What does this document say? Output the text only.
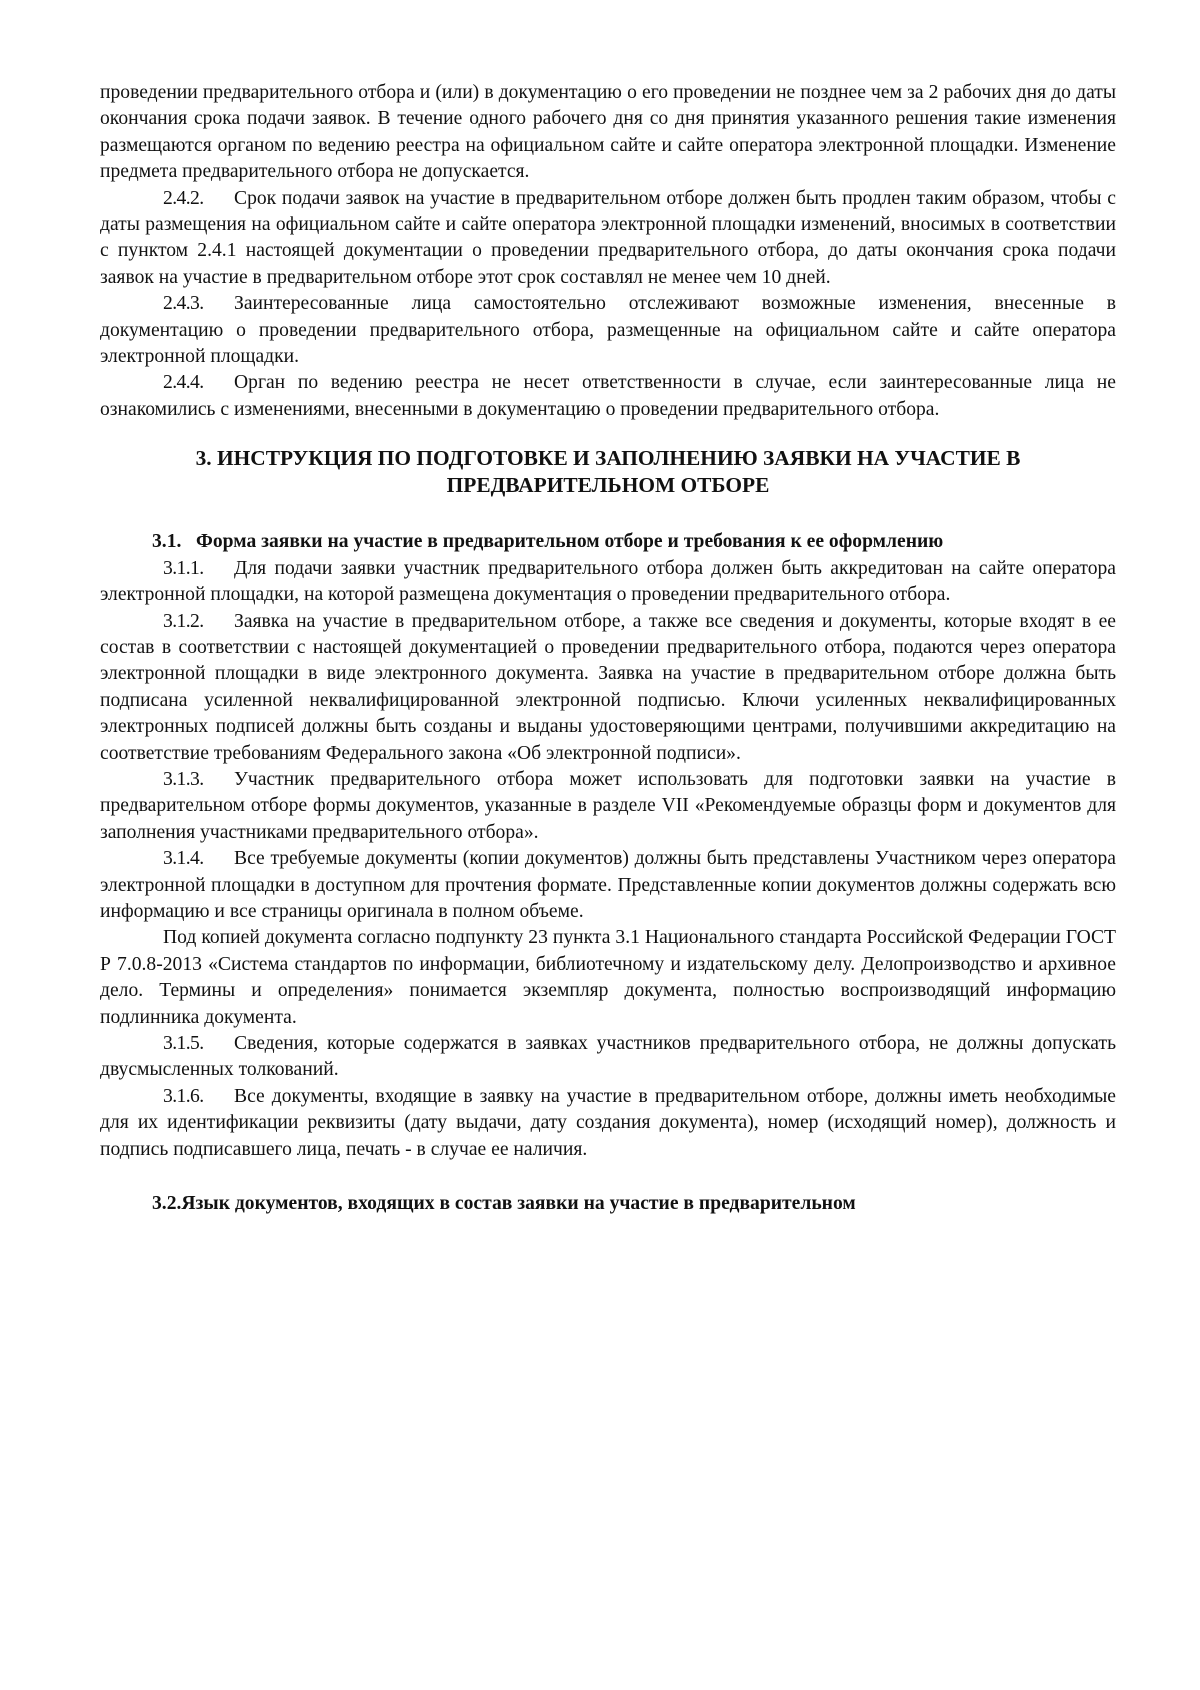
проведении предварительного отбора и (или) в документацию о его проведении не позднее чем за 2 рабочих дня до даты окончания срока подачи заявок. В течение одного рабочего дня со дня принятия указанного решения такие изменения размещаются органом по ведению реестра на официальном сайте и сайте оператора электронной площадки. Изменение предмета предварительного отбора не допускается.

2.4.2. Срок подачи заявок на участие в предварительном отборе должен быть продлен таким образом, чтобы с даты размещения на официальном сайте и сайте оператора электронной площадки изменений, вносимых в соответствии с пунктом 2.4.1 настоящей документации о проведении предварительного отбора, до даты окончания срока подачи заявок на участие в предварительном отборе этот срок составлял не менее чем 10 дней.

2.4.3. Заинтересованные лица самостоятельно отслеживают возможные изменения, внесенные в документацию о проведении предварительного отбора, размещенные на официальном сайте и сайте оператора электронной площадки.

2.4.4. Орган по ведению реестра не несет ответственности в случае, если заинтересованные лица не ознакомились с изменениями, внесенными в документацию о проведении предварительного отбора.

3. ИНСТРУКЦИЯ ПО ПОДГОТОВКЕ И ЗАПОЛНЕНИЮ ЗАЯВКИ НА УЧАСТИЕ В
ПРЕДВАРИТЕЛЬНОМ ОТБОРЕ

3.1. Форма заявки на участие в предварительном отборе и требования к ее оформлению

3.1.1. Для подачи заявки участник предварительного отбора должен быть аккредитован на сайте оператора электронной площадки, на которой размещена документация о проведении предварительного отбора.

3.1.2. Заявка на участие в предварительном отборе, а также все сведения и документы, которые входят в ее состав в соответствии с настоящей документацией о проведении предварительного отбора, подаются через оператора электронной площадки в виде электронного документа. Заявка на участие в предварительном отборе должна быть подписана усиленной неквалифицированной электронной подписью. Ключи усиленных неквалифицированных электронных подписей должны быть созданы и выданы удостоверяющими центрами, получившими аккредитацию на соответствие требованиям Федерального закона «Об электронной подписи».

3.1.3. Участник предварительного отбора может использовать для подготовки заявки на участие в предварительном отборе формы документов, указанные в разделе VII «Рекомендуемые образцы форм и документов для заполнения участниками предварительного отбора».

3.1.4. Все требуемые документы (копии документов) должны быть представлены Участником через оператора электронной площадки в доступном для прочтения формате. Представленные копии документов должны содержать всю информацию и все страницы оригинала в полном объеме.

Под копией документа согласно подпункту 23 пункта 3.1 Национального стандарта Российской Федерации ГОСТ Р 7.0.8-2013 «Система стандартов по информации, библиотечному и издательскому делу. Делопроизводство и архивное дело. Термины и определения» понимается экземпляр документа, полностью воспроизводящий информацию подлинника документа.

3.1.5. Сведения, которые содержатся в заявках участников предварительного отбора, не должны допускать двусмысленных толкований.

3.1.6. Все документы, входящие в заявку на участие в предварительном отборе, должны иметь необходимые для их идентификации реквизиты (дату выдачи, дату создания документа), номер (исходящий номер), должность и подпись подписавшего лица, печать - в случае ее наличия.

3.2.Язык документов, входящих в состав заявки на участие в предварительном
